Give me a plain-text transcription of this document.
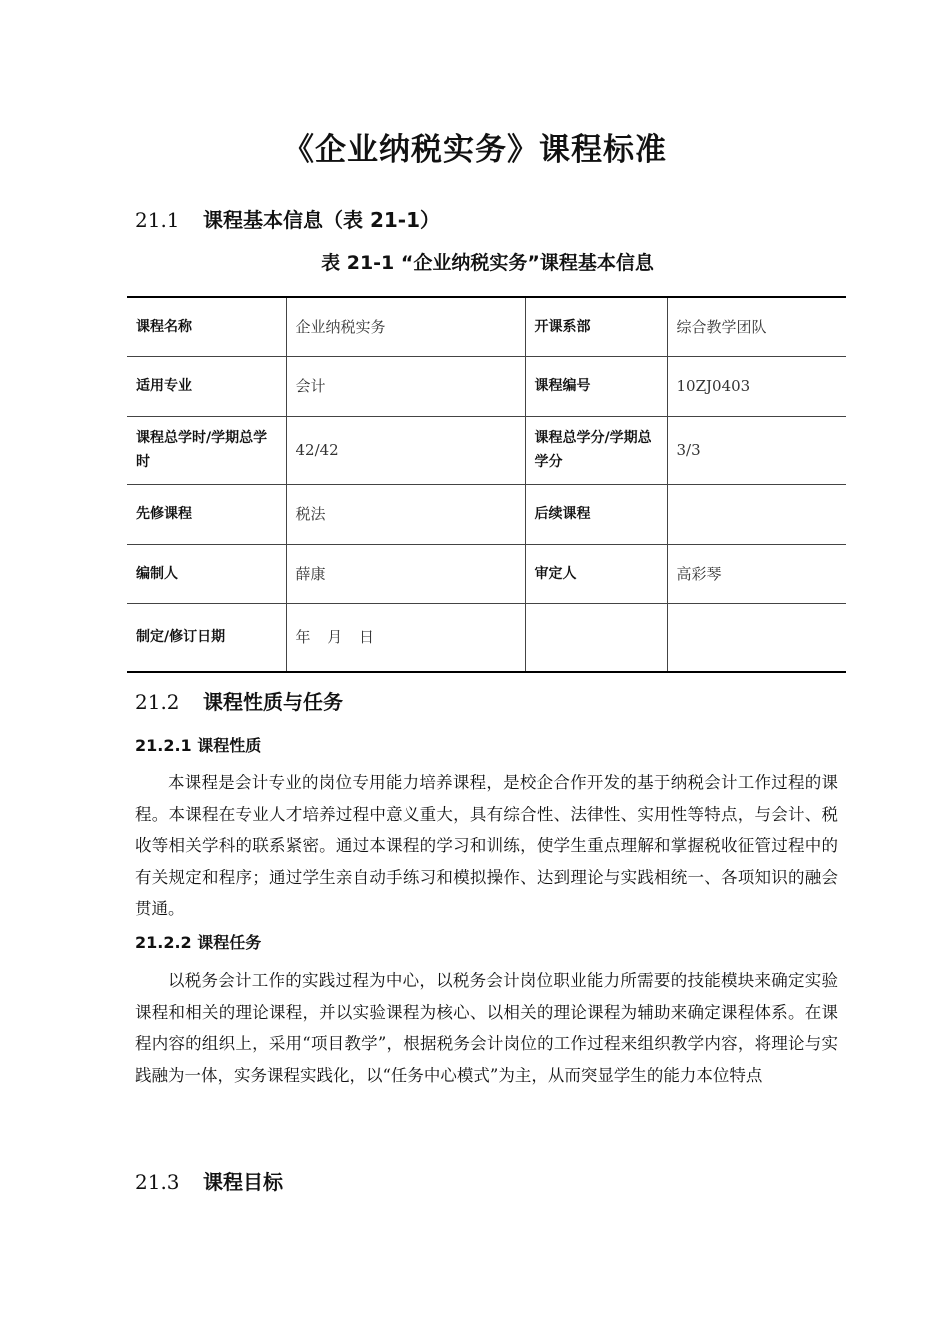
《企业纳税实务》课程标准
21.1 课程基本信息（表 21-1）
表 21-1 “企业纳税实务”课程基本信息
课程名称	企业纳税实务	开课系部	综合教学团队
适用专业	会计	课程编号	10ZJ0403
课程总学时/学期总学时	42/42	课程总学分/学期总学分	3/3
先修课程	税法	后续课程	
编制人	薛康	审定人	高彩琴
制定/修订日期	年 月 日		
21.2 课程性质与任务
21.2.1 课程性质
本课程是会计专业的岗位专用能力培养课程，是校企合作开发的基于纳税会计工作过程的课程。本课程在专业人才培养过程中意义重大，具有综合性、法律性、实用性等特点，与会计、税收等相关学科的联系紧密。通过本课程的学习和训练，使学生重点理解和掌握税收征管过程中的有关规定和程序；通过学生亲自动手练习和模拟操作、达到理论与实践相统一、各项知识的融会贯通。
21.2.2 课程任务
以税务会计工作的实践过程为中心，以税务会计岗位职业能力所需要的技能模块来确定实验课程和相关的理论课程，并以实验课程为核心、以相关的理论课程为辅助来确定课程体系。在课程内容的组织上，采用“项目教学”，根据税务会计岗位的工作过程来组织教学内容，将理论与实践融为一体，实务课程实践化，以“任务中心模式”为主，从而突显学生的能力本位特点
21.3 课程目标
